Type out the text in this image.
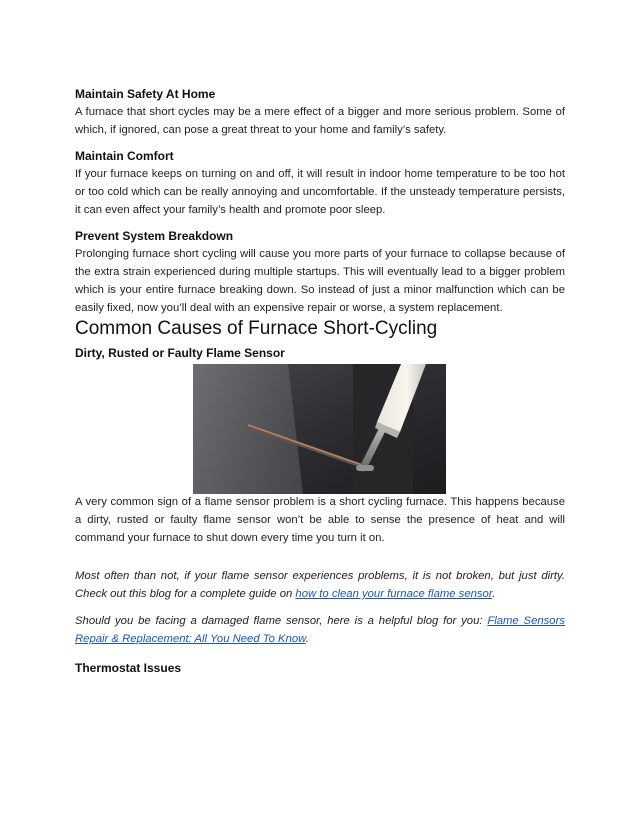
Maintain Safety At Home

A furnace that short cycles may be a mere effect of a bigger and more serious problem. Some of which, if ignored, can pose a great threat to your home and family’s safety.

Maintain Comfort

If your furnace keeps on turning on and off, it will result in indoor home temperature to be too hot or too cold which can be really annoying and uncomfortable. If the unsteady temperature persists, it can even affect your family’s health and promote poor sleep.

Prevent System Breakdown

Prolonging furnace short cycling will cause you more parts of your furnace to collapse because of the extra strain experienced during multiple startups. This will eventually lead to a bigger problem which is your entire furnace breaking down. So instead of just a minor malfunction which can be easily fixed, now you’ll deal with an expensive repair or worse, a system replacement.

Common Causes of Furnace Short-Cycling
Dirty, Rusted or Faulty Flame Sensor

A very common sign of a flame sensor problem is a short cycling furnace. This happens because a dirty, rusted or faulty flame sensor won’t be able to sense the presence of heat and will command your furnace to shut down every time you turn it on.

Most often than not, if your flame sensor experiences problems, it is not broken, but just dirty. Check out this blog for a complete guide on how to clean your furnace flame sensor.

Should you be facing a damaged flame sensor, here is a helpful blog for you: Flame Sensors Repair & Replacement: All You Need To Know.

Thermostat Issues
